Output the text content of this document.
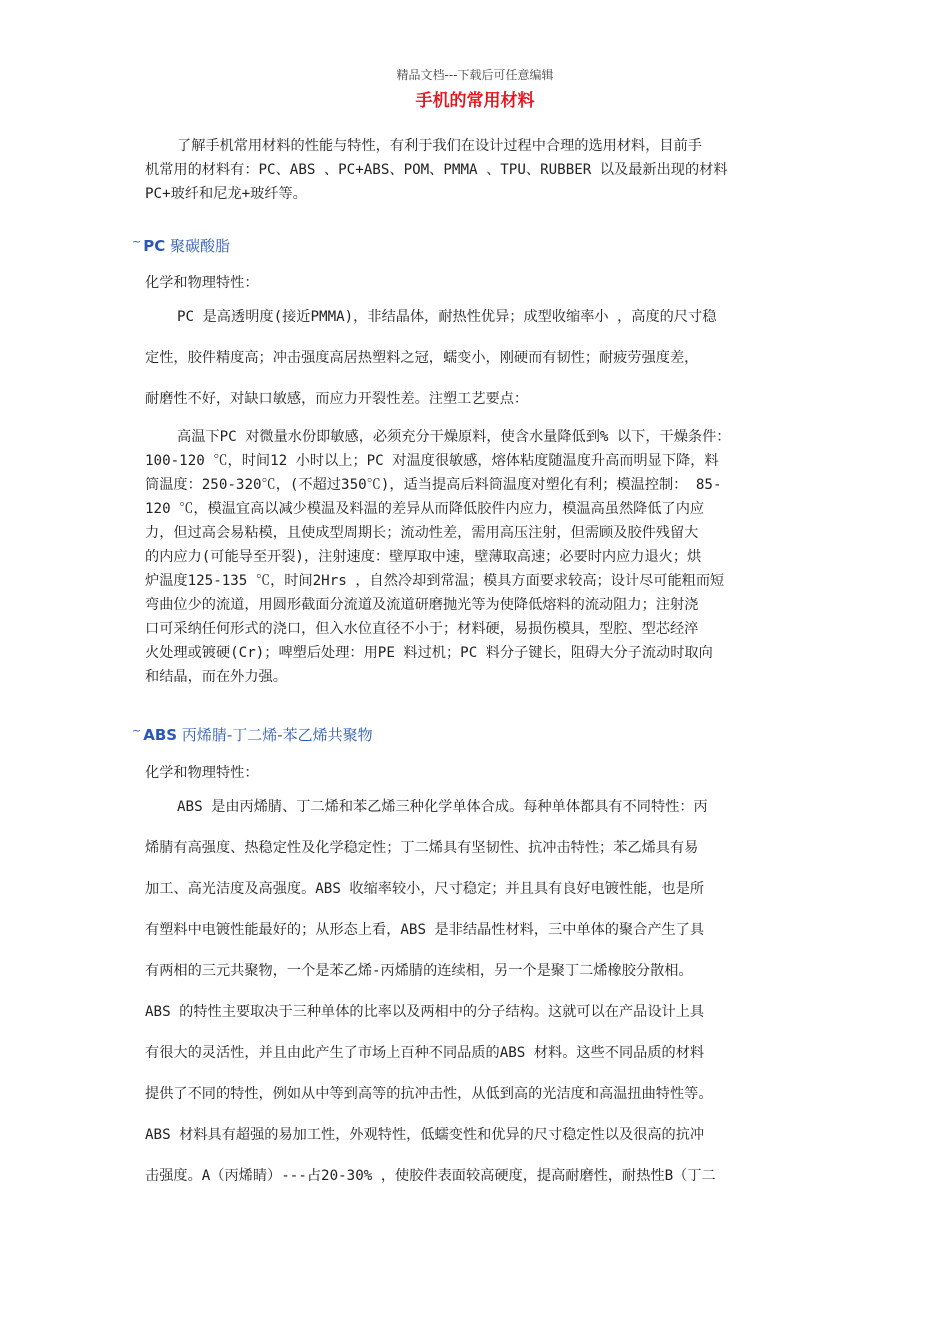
精品文档---下载后可任意编辑
手机的常用材料

了解手机常用材料的性能与特性，有利于我们在设计过程中合理的选用材料，目前手

机常用的材料有：PC、ABS 、PC+ABS、POM、PMMA 、TPU、RUBBER 以及最新出现的材料

PC+玻纤和尼龙+玻纤等。

~ PC 聚碳酸脂
化学和物理特性：

PC 是高透明度(接近PMMA)，非结晶体，耐热性优异；成型收缩率小 ，高度的尺寸稳

定性，胶件精度高；冲击强度高居热塑料之冠，蠕变小，刚硬而有韧性；耐疲劳强度差，

耐磨性不好，对缺口敏感，而应力开裂性差。注塑工艺要点：

高温下PC 对微量水份即敏感，必须充分干燥原料，使含水量降低到% 以下，干燥条件：

100-120 ℃，时间12 小时以上；PC 对温度很敏感，熔体粘度随温度升高而明显下降，料

筒温度：250-320℃，(不超过350℃)，适当提高后料筒温度对塑化有利；模温控制： 85-

120 ℃，模温宜高以减少模温及料温的差异从而降低胶件内应力，模温高虽然降低了内应

力，但过高会易粘模，且使成型周期长；流动性差，需用高压注射，但需顾及胶件残留大

的内应力(可能导至开裂)，注射速度：壁厚取中速，壁薄取高速；必要时内应力退火；烘

炉温度125-135 ℃，时间2Hrs ，自然冷却到常温；模具方面要求较高；设计尽可能粗而短

弯曲位少的流道，用圆形截面分流道及流道研磨抛光等为使降低熔料的流动阻力；注射浇

口可采纳任何形式的浇口，但入水位直径不小于；材料硬，易损伤模具，型腔、型芯经淬

火处理或镀硬(Cr)；啤塑后处理：用PE 料过机；PC 料分子键长，阻碍大分子流动时取向

和结晶，而在外力强。

~ ABS 丙烯腈-丁二烯-苯乙烯共聚物
化学和物理特性：

ABS 是由丙烯腈、丁二烯和苯乙烯三种化学单体合成。每种单体都具有不同特性：丙

烯腈有高强度、热稳定性及化学稳定性；丁二烯具有坚韧性、抗冲击特性；苯乙烯具有易

加工、高光洁度及高强度。ABS 收缩率较小，尺寸稳定；并且具有良好电镀性能，也是所

有塑料中电镀性能最好的；从形态上看，ABS 是非结晶性材料，三中单体的聚合产生了具

有两相的三元共聚物，一个是苯乙烯-丙烯腈的连续相，另一个是聚丁二烯橡胶分散相。

ABS 的特性主要取决于三种单体的比率以及两相中的分子结构。这就可以在产品设计上具

有很大的灵活性，并且由此产生了市场上百种不同品质的ABS 材料。这些不同品质的材料

提供了不同的特性，例如从中等到高等的抗冲击性，从低到高的光洁度和高温扭曲特性等。

ABS 材料具有超强的易加工性，外观特性，低蠕变性和优异的尺寸稳定性以及很高的抗冲

击强度。A（丙烯睛）---占20-30% ，使胶件表面较高硬度，提高耐磨性，耐热性B（丁二
